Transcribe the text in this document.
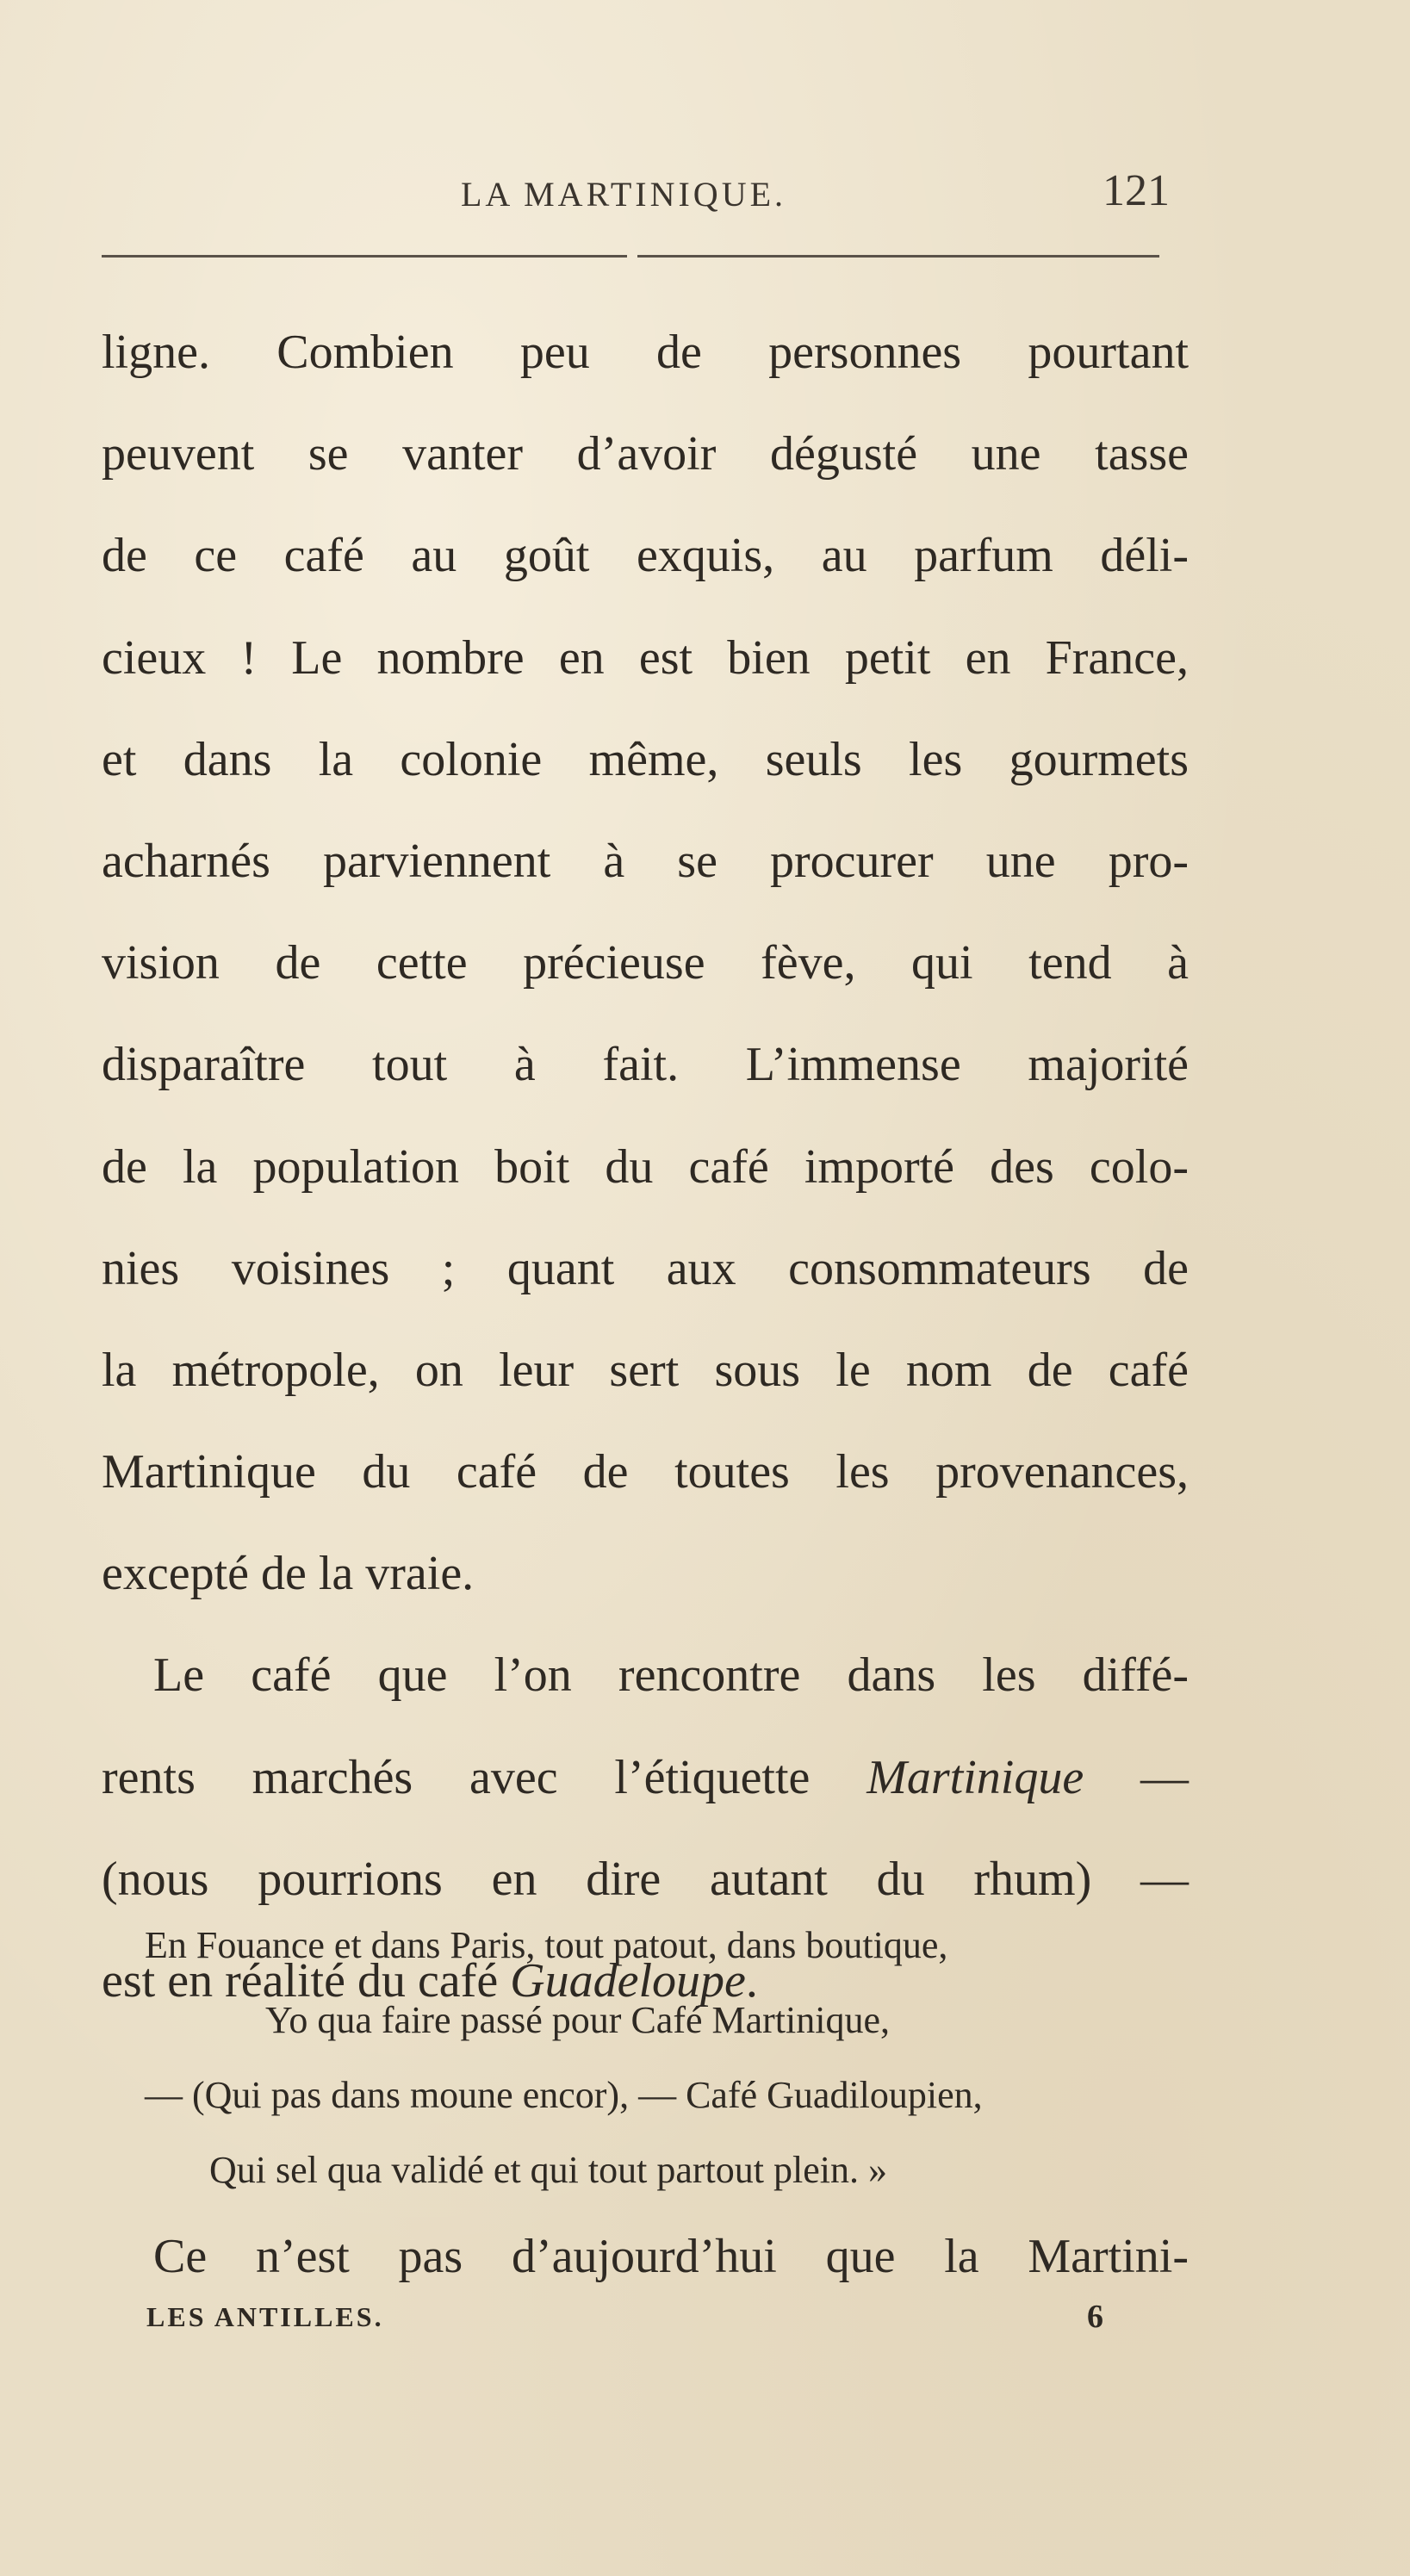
LA MARTINIQUE.	121
ligne. Combien peu de personnes pourtant
peuvent se vanter d’avoir dégusté une tasse
de ce café au goût exquis, au parfum déli-
cieux ! Le nombre en est bien petit en France,
et dans la colonie même, seuls les gourmets
acharnés parviennent à se procurer une pro-
vision de cette précieuse fève, qui tend à
disparaître tout à fait. L’immense majorité
de la population boit du café importé des colo-
nies voisines ; quant aux consommateurs de
la métropole, on leur sert sous le nom de café
Martinique du café de toutes les provenances,
excepté de la vraie.
Le café que l’on rencontre dans les diffé-
rents marchés avec l’étiquette Martinique —
(nous pourrions en dire autant du rhum) —
est en réalité du café Guadeloupe.
En Fouance et dans Paris, tout patout, dans boutique,
Yo qua faire passé pour Café Martinique,
— (Qui pas dans moune encor), — Café Guadiloupien,
Qui sel qua validé et qui tout partout plein. »
Ce n’est pas d’aujourd’hui que la Martini-
LES ANTILLES.	6
